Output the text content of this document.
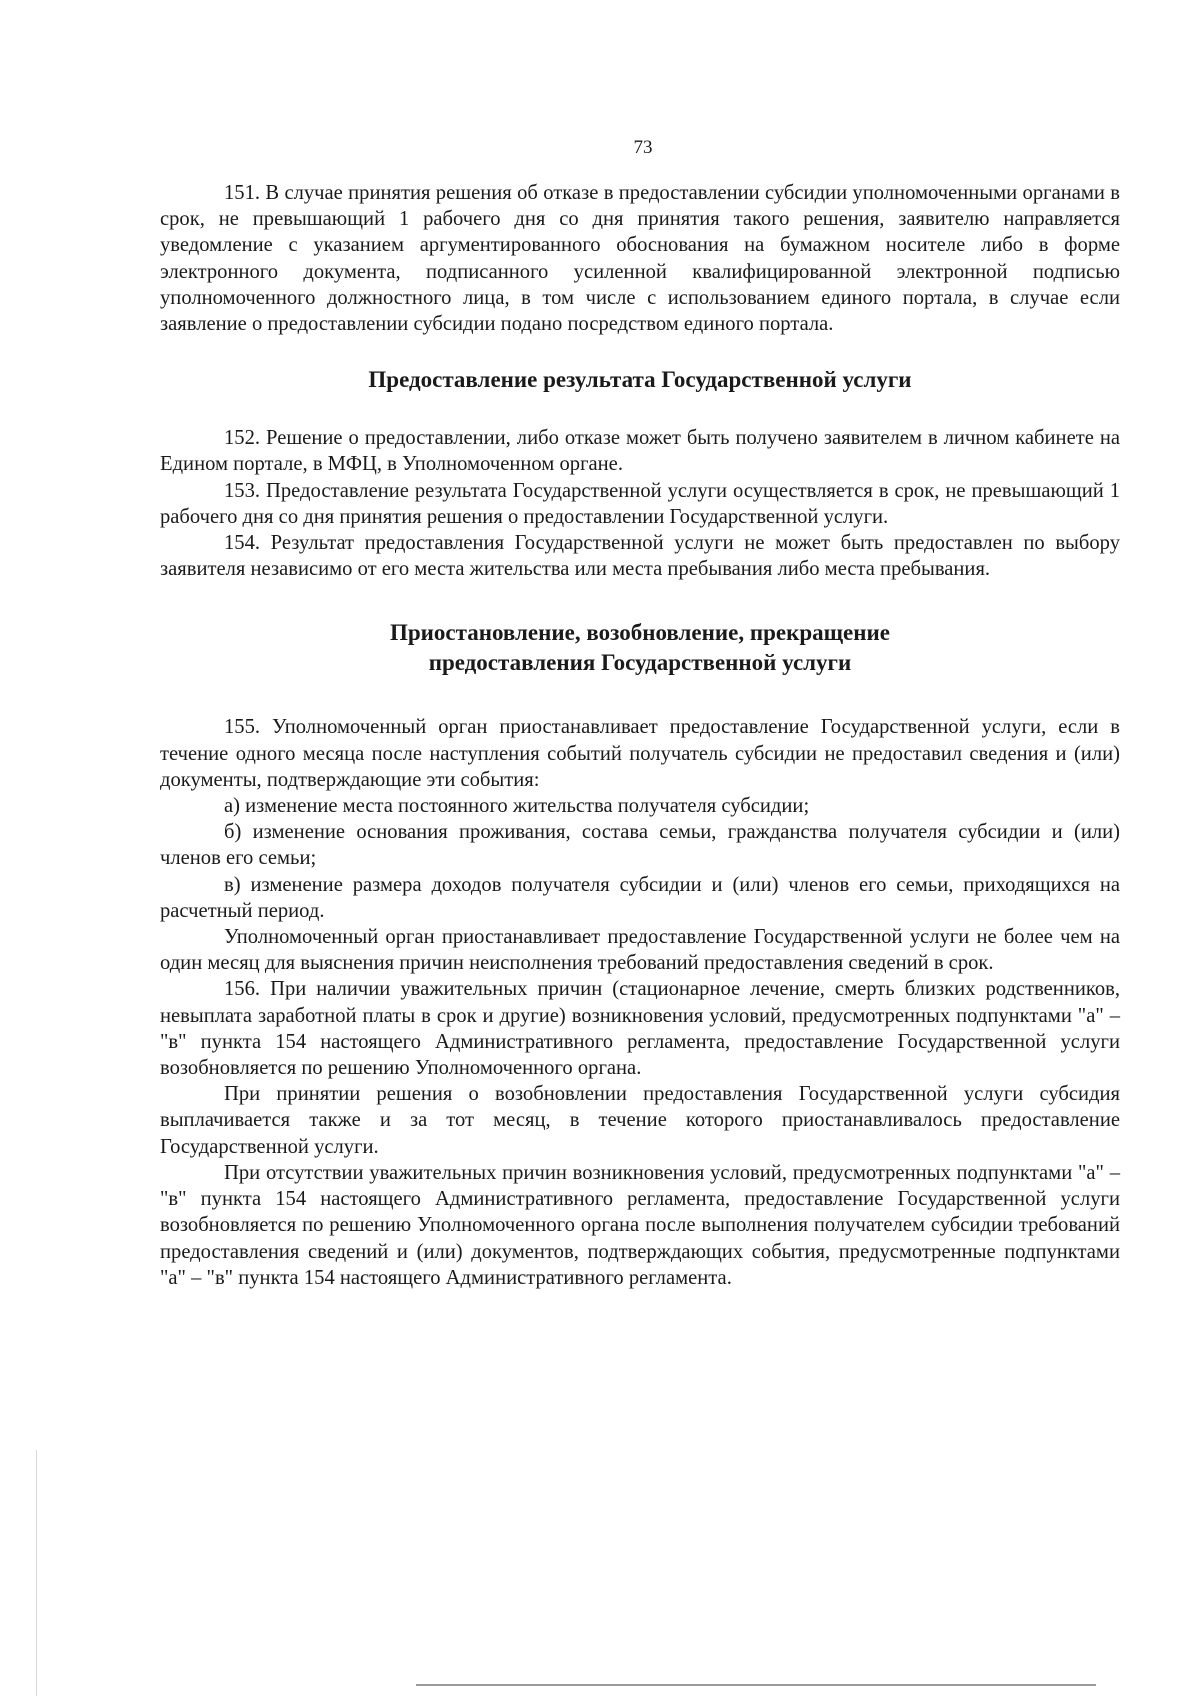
73

151. В случае принятия решения об отказе в предоставлении субсидии уполномоченными органами в срок, не превышающий 1 рабочего дня со дня принятия такого решения, заявителю направляется уведомление с указанием аргументированного обоснования на бумажном носителе либо в форме электронного документа, подписанного усиленной квалифицированной электронной подписью уполномоченного должностного лица, в том числе с использованием единого портала, в случае если заявление о предоставлении субсидии подано посредством единого портала.

Предоставление результата Государственной услуги

152. Решение о предоставлении, либо отказе может быть получено заявителем в личном кабинете на Едином портале, в МФЦ, в Уполномоченном органе.

153. Предоставление результата Государственной услуги осуществляется в срок, не превышающий 1 рабочего дня со дня принятия решения о предоставлении Государственной услуги.

154. Результат предоставления Государственной услуги не может быть предоставлен по выбору заявителя независимо от его места жительства или места пребывания либо места пребывания.

Приостановление, возобновление, прекращение
предоставления Государственной услуги

155. Уполномоченный орган приостанавливает предоставление Государственной услуги, если в течение одного месяца после наступления событий получатель субсидии не предоставил сведения и (или) документы, подтверждающие эти события:

а) изменение места постоянного жительства получателя субсидии;

б) изменение основания проживания, состава семьи, гражданства получателя субсидии и (или) членов его семьи;

в) изменение размера доходов получателя субсидии и (или) членов его семьи, приходящихся на расчетный период.

Уполномоченный орган приостанавливает предоставление Государственной услуги не более чем на один месяц для выяснения причин неисполнения требований предоставления сведений в срок.

156. При наличии уважительных причин (стационарное лечение, смерть близких родственников, невыплата заработной платы в срок и другие) возникновения условий, предусмотренных подпунктами "а" – "в" пункта 154 настоящего Административного регламента, предоставление Государственной услуги возобновляется по решению Уполномоченного органа.

При принятии решения о возобновлении предоставления Государственной услуги субсидия выплачивается также и за тот месяц, в течение которого приостанавливалось предоставление Государственной услуги.

При отсутствии уважительных причин возникновения условий, предусмотренных подпунктами "а" – "в" пункта 154 настоящего Административного регламента, предоставление Государственной услуги возобновляется по решению Уполномоченного органа после выполнения получателем субсидии требований предоставления сведений и (или) документов, подтверждающих события, предусмотренные подпунктами "а" – "в" пункта 154 настоящего Административного регламента.
